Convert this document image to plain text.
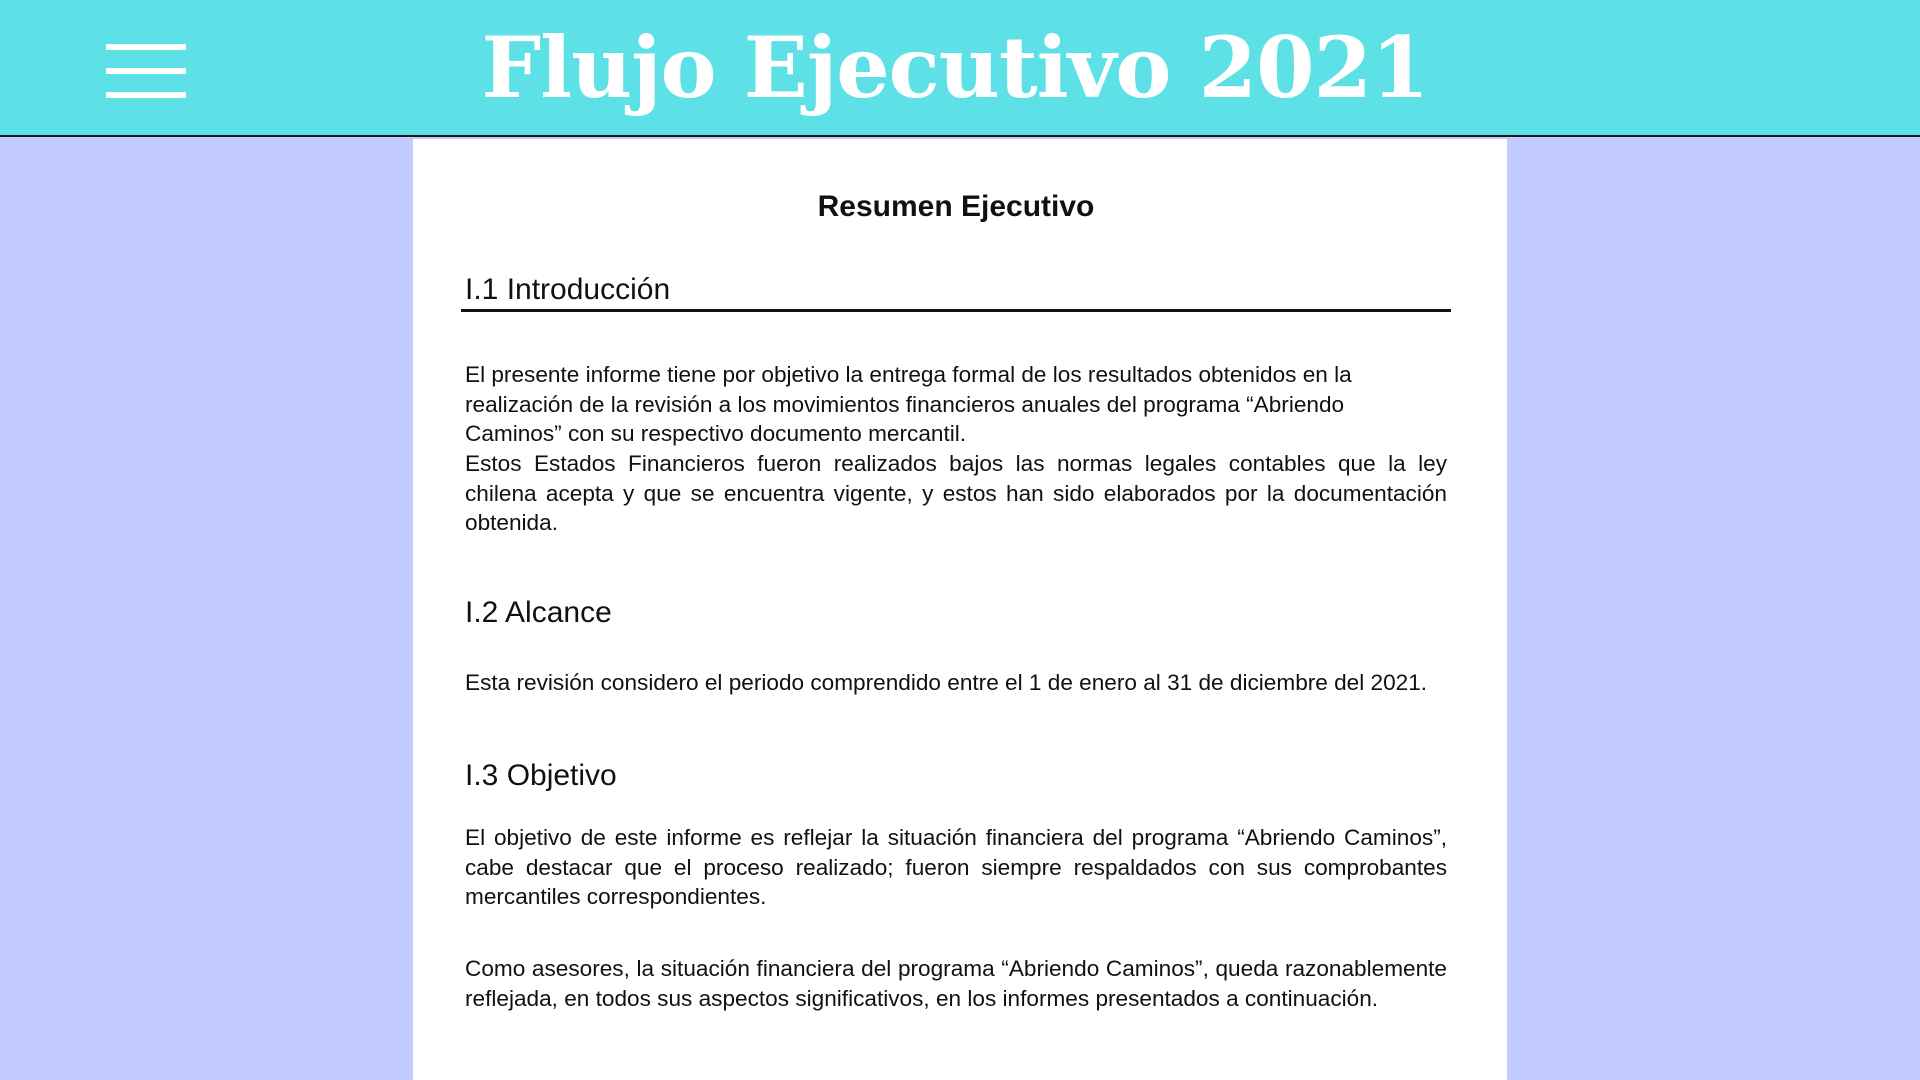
Flujo Ejecutivo 2021
Resumen Ejecutivo
I.1 Introducción

El presente informe tiene por objetivo la entrega formal de los resultados obtenidos en la realización de la revisión a los movimientos financieros anuales del programa “Abriendo Caminos” con su respectivo documento mercantil.

Estos Estados Financieros fueron realizados bajos las normas legales contables que la ley chilena acepta y que se encuentra vigente, y estos han sido elaborados por la documentación obtenida.

I.2 Alcance

Esta revisión considero el periodo comprendido entre el 1 de enero al 31 de diciembre del 2021.

I.3 Objetivo

El objetivo de este informe es reflejar la situación financiera del programa “Abriendo Caminos”, cabe destacar que el proceso realizado; fueron siempre respaldados con sus comprobantes mercantiles correspondientes.

Como asesores, la situación financiera del programa “Abriendo Caminos”, queda razonablemente reflejada, en todos sus aspectos significativos, en los informes presentados a continuación.
